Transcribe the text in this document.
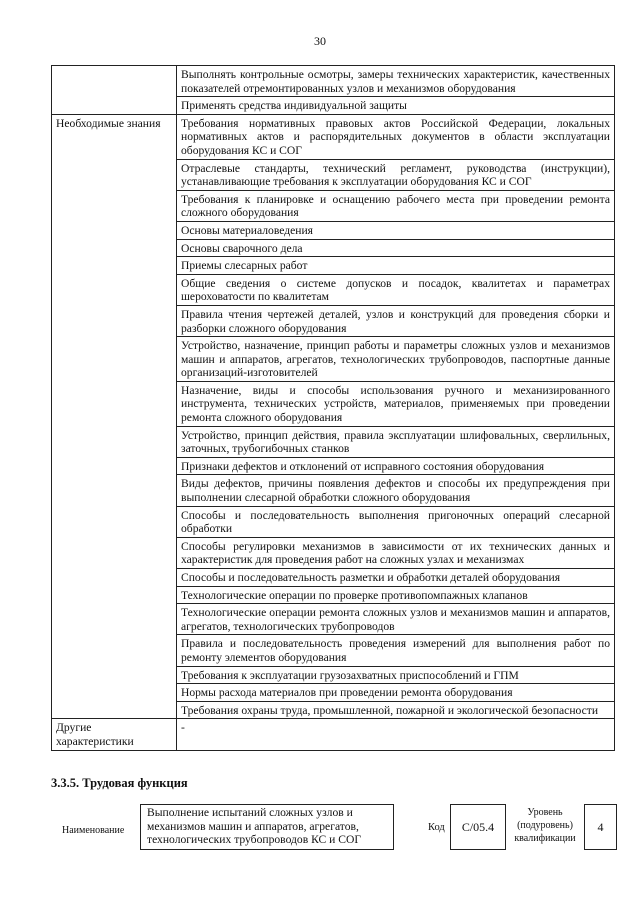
30
	Выполнять контрольные осмотры, замеры технических характеристик, качественных показателей отремонтированных узлов и механизмов оборудования
	Применять средства индивидуальной защиты
Необходимые знания	Требования нормативных правовых актов Российской Федерации, локальных нормативных актов и распорядительных документов в области эксплуатации оборудования КС и СОГ
	Отраслевые стандарты, технический регламент, руководства (инструкции), устанавливающие требования к эксплуатации оборудования КС и СОГ
	Требования к планировке и оснащению рабочего места при проведении ремонта сложного оборудования
	Основы материаловедения
	Основы сварочного дела
	Приемы слесарных работ
	Общие сведения о системе допусков и посадок, квалитетах и параметрах шероховатости по квалитетам
	Правила чтения чертежей деталей, узлов и конструкций для проведения сборки и разборки сложного оборудования
	Устройство, назначение, принцип работы и параметры сложных узлов и механизмов машин и аппаратов, агрегатов, технологических трубопроводов, паспортные данные организаций-изготовителей
	Назначение, виды и способы использования ручного и механизированного инструмента, технических устройств, материалов, применяемых при проведении ремонта сложного оборудования
	Устройство, принцип действия, правила эксплуатации шлифовальных, сверлильных, заточных, трубогибочных станков
	Признаки дефектов и отклонений от исправного состояния оборудования
	Виды дефектов, причины появления дефектов и способы их предупреждения при выполнении слесарной обработки сложного оборудования
	Способы и последовательность выполнения пригоночных операций слесарной обработки
	Способы регулировки механизмов в зависимости от их технических данных и характеристик для проведения работ на сложных узлах и механизмах
	Способы и последовательность разметки и обработки деталей оборудования
	Технологические операции по проверке противопомпажных клапанов
	Технологические операции ремонта сложных узлов и механизмов машин и аппаратов, агрегатов, технологических трубопроводов
	Правила и последовательность проведения измерений для выполнения работ по ремонту элементов оборудования
	Требования к эксплуатации грузозахватных приспособлений и ГПМ
	Нормы расхода материалов при проведении ремонта оборудования
	Требования охраны труда, промышленной, пожарной и экологической безопасности
Другие характеристики	-
3.3.5. Трудовая функция
Наименование
Выполнение испытаний сложных узлов и механизмов машин и аппаратов, агрегатов, технологических трубопроводов КС и СОГ
Код	С/05.4
Уровень (подуровень) квалификации
4
